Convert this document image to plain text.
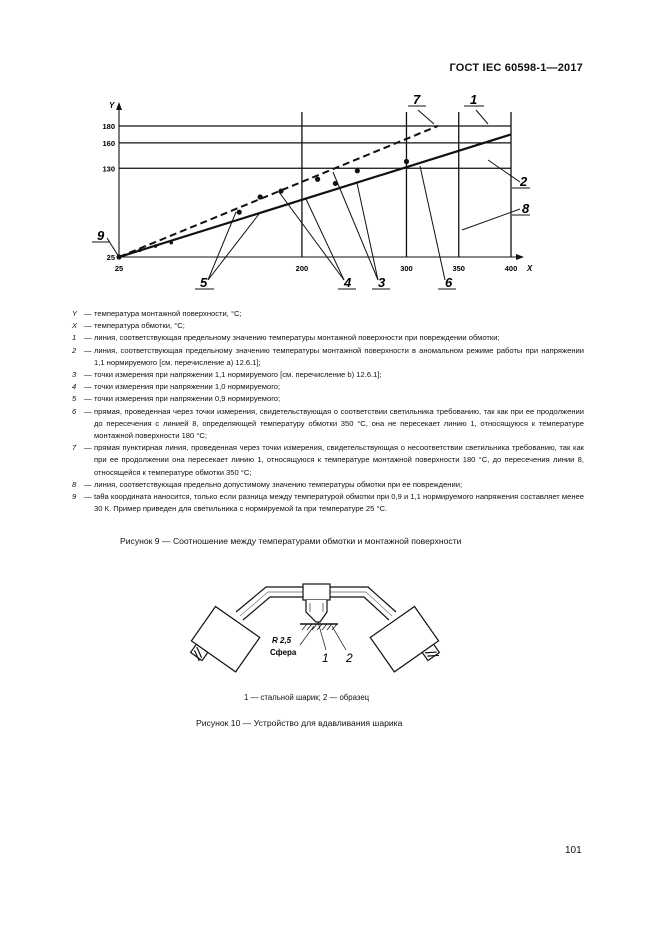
ГОСТ IEC 60598-1—2017
1
2
3
4
5	6
7
8
9
180
160
130
25
25	200	300	350	400
Y
X
Y — температура монтажной поверхности, °С;
X — температура обмотки, °С;
1	— линия, соответствующая предельному значению температуры монтажной поверхности при повреждении обмотки;
2	— линия, соответствующая предельному значению температуры монтажной поверхности в аномальном режиме работы при напряжении 1,1 нормируемого [см. перечисление а) 12.6.1];
3	— точки измерения при напряжении 1,1 нормируемого [см. перечисление b) 12.6.1];
4	— точки измерения при напряжении 1,0 нормируемого;
5	— точки измерения при напряжении 0,9 нормируемого;
6	— прямая, проведенная через точки измерения, свидетельствующая о соответствии светильника требованию, так как при ее продолжении до пересечения с линией 8, определяющей температуру обмотки 350 °С, она не пересекает линию 1, относящуюся к температуре монтажной поверхности 180 °С;
7	— прямая пунктирная линия, проведенная через точки измерения, свидетельствующая о несоответствии светильника требованию, так как при ее продолжении она пересекает линию 1, относящуюся к температуре монтажной поверхности 180 °С, до пересечения линии 8, относящейся к температуре обмотки 350 °С;
8	— линия, соответствующая предельно допустимому значению температуры обмотки при ее повреждении;
9	— tаθа координата наносится, только если разница между температурой обмотки при 0,9 и 1,1 нормируемого напряжения составляет менее 30 К. Пример приведен для светильника с нормируемой tа при температуре 25 °С.
Рисунок 9 — Соотношение между температурами обмотки и монтажной поверхности
R 2,5
Сфера 1 2
1 — стальной шарик; 2 — образец
Рисунок 10 — Устройство для вдавливания шарика
101
